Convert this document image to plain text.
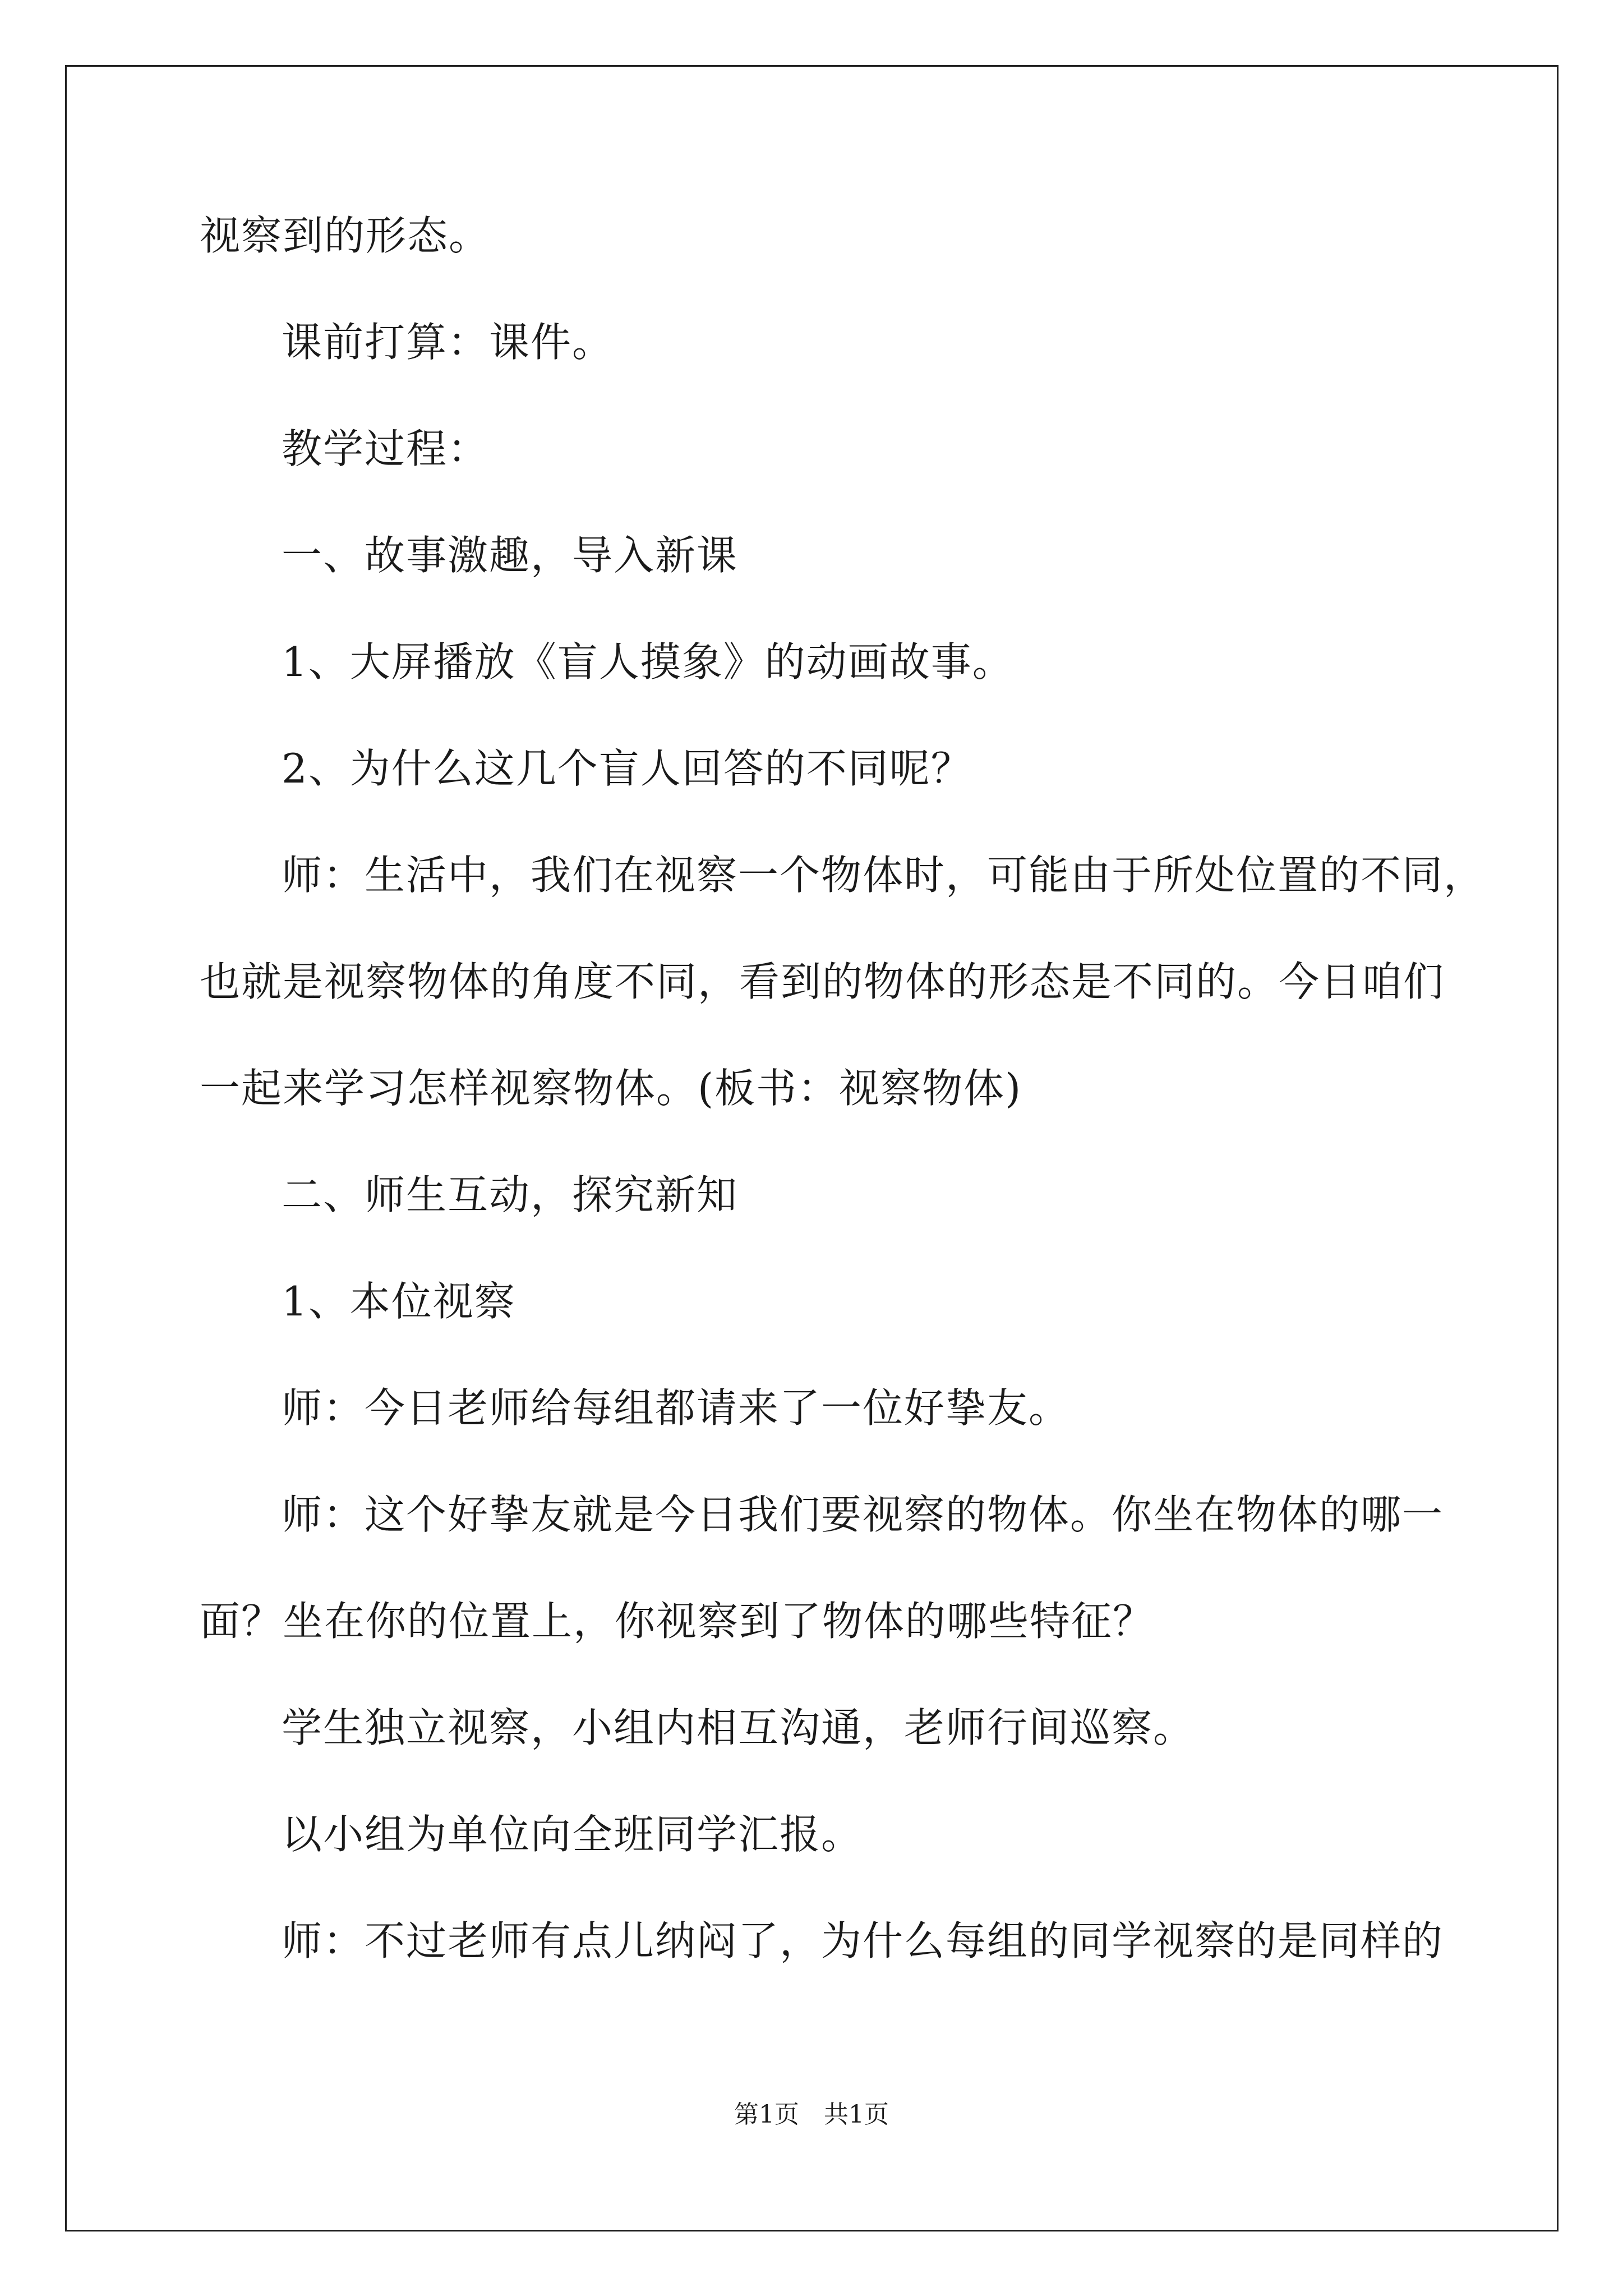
视察到的形态。
课前打算：课件。
教学过程：
一、故事激趣，导入新课
1、大屏播放《盲人摸象》的动画故事。
2、为什么这几个盲人回答的不同呢？
师：生活中，我们在视察一个物体时，可能由于所处位置的不同，
也就是视察物体的角度不同，看到的物体的形态是不同的。今日咱们
一起来学习怎样视察物体。(板书：视察物体)
二、师生互动，探究新知
1、本位视察
师：今日老师给每组都请来了一位好挚友。
师：这个好挚友就是今日我们要视察的物体。你坐在物体的哪一
面？坐在你的位置上，你视察到了物体的哪些特征？
学生独立视察，小组内相互沟通，老师行间巡察。
以小组为单位向全班同学汇报。
师：不过老师有点儿纳闷了，为什么每组的同学视察的是同样的
第1页 共1页
